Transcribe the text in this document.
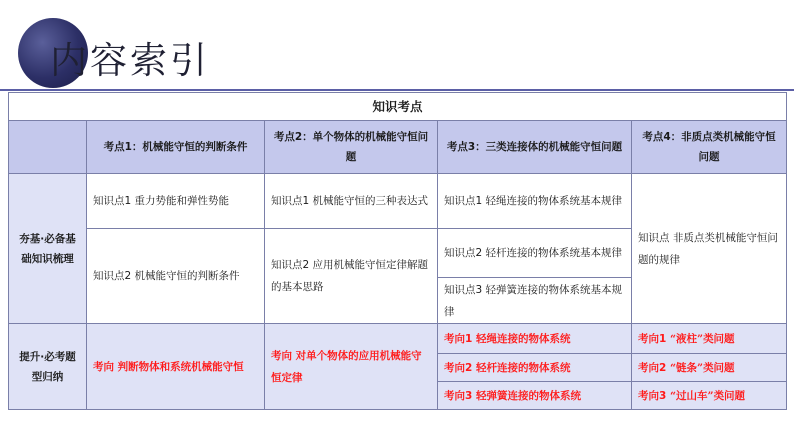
内容索引
知识考点				
	考点1：机械能守恒的判断条件	考点2：单个物体的机械能守恒问题	考点3：三类连接体的机械能守恒问题	考点4：非质点类机械能守恒问题
夯基·必备基础知识梳理	知识点1 重力势能和弹性势能	知识点1 机械能守恒的三种表达式	知识点1 轻绳连接的物体系统基本规律	知识点 非质点类机械能守恒问题的规律
	知识点2 机械能守恒的判断条件	知识点2 应用机械能守恒定律解题的基本思路	知识点2 轻杆连接的物体系统基本规律	
			知识点3 轻弹簧连接的物体系统基本规律	
提升·必考题型归纳	考向 判断物体和系统机械能守恒	考向 对单个物体的应用机械能守恒定律	考向1 轻绳连接的物体系统	考向1 “液柱”类问题
			考向2 轻杆连接的物体系统	考向2 “链条”类问题
			考向3 轻弹簧连接的物体系统	考向3 “过山车”类问题
